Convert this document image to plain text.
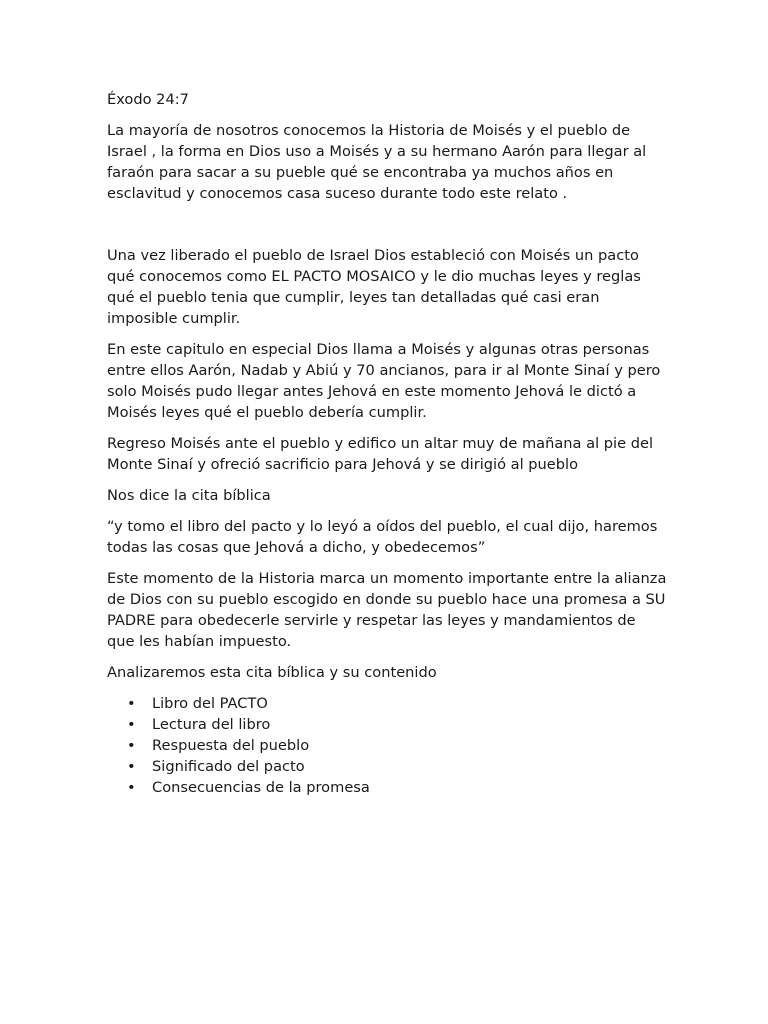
Éxodo 24:7

La mayoría de nosotros conocemos la Historia de Moisés y el pueblo de Israel , la forma en Dios uso a Moisés y a su hermano Aarón para llegar al faraón para sacar a su pueble qué se encontraba ya muchos años en esclavitud y conocemos casa suceso durante todo este relato .

Una vez liberado el pueblo de Israel Dios estableció con Moisés un pacto qué conocemos como EL PACTO MOSAICO y le dio muchas leyes y reglas qué el pueblo tenia que cumplir, leyes tan detalladas qué casi eran imposible cumplir.

En este capitulo en especial Dios llama a Moisés y algunas otras personas entre ellos Aarón, Nadab y Abiú y 70 ancianos, para ir al Monte Sinaí y pero solo Moisés pudo llegar antes Jehová en este momento Jehová le dictó a Moisés leyes qué el pueblo debería cumplir.

Regreso Moisés ante el pueblo y edifico un altar muy de mañana al pie del Monte Sinaí y ofreció sacrificio para Jehová y se dirigió al pueblo

Nos dice la cita bíblica

“y tomo el libro del pacto y lo leyó a oídos del pueblo, el cual dijo, haremos todas las cosas que Jehová a dicho, y obedecemos”

Este momento de la Historia marca un momento importante entre la alianza de Dios con su pueblo escogido en donde su pueblo hace una promesa a SU PADRE para obedecerle servirle y respetar las leyes y mandamientos de que les habían impuesto.

Analizaremos esta cita bíblica y su contenido

• Libro del PACTO
• Lectura del libro
• Respuesta del pueblo
• Significado del pacto
• Consecuencias de la promesa
